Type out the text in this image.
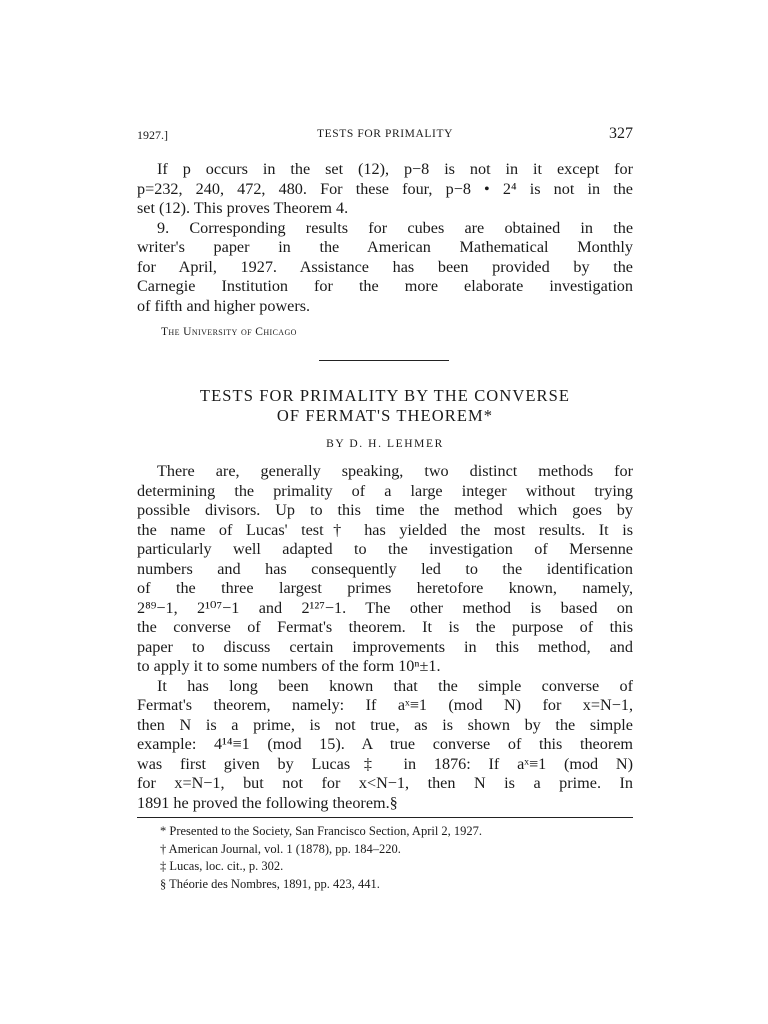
1927.]	TESTS FOR PRIMALITY	327
If p occurs in the set (12), p−8 is not in it except for
p=232, 240, 472, 480. For these four, p−8 • 2⁴ is not in the
set (12). This proves Theorem 4.
9. Corresponding results for cubes are obtained in the
writer's paper in the American Mathematical Monthly
for April, 1927. Assistance has been provided by the
Carnegie Institution for the more elaborate investigation
of fifth and higher powers.
The University of Chicago
TESTS FOR PRIMALITY BY THE CONVERSE
OF FERMAT'S THEOREM*
BY D. H. LEHMER
There are, generally speaking, two distinct methods for
determining the primality of a large integer without trying
possible divisors. Up to this time the method which goes by
the name of Lucas' test† has yielded the most results. It is
particularly well adapted to the investigation of Mersenne
numbers and has consequently led to the identification
of the three largest primes heretofore known, namely,
2⁸⁹−1, 2¹⁰⁷−1 and 2¹²⁷−1. The other method is based on
the converse of Fermat's theorem. It is the purpose of this
paper to discuss certain improvements in this method, and
to apply it to some numbers of the form 10ⁿ±1.
It has long been known that the simple converse of
Fermat's theorem, namely: If aˣ≡1 (mod N) for x=N−1,
then N is a prime, is not true, as is shown by the simple
example: 4¹⁴≡1 (mod 15). A true converse of this theorem
was first given by Lucas‡ in 1876: If aˣ≡1 (mod N)
for x=N−1, but not for x<N−1, then N is a prime. In
1891 he proved the following theorem.§
* Presented to the Society, San Francisco Section, April 2, 1927.
† American Journal, vol. 1 (1878), pp. 184–220.
‡ Lucas, loc. cit., p. 302.
§ Théorie des Nombres, 1891, pp. 423, 441.
